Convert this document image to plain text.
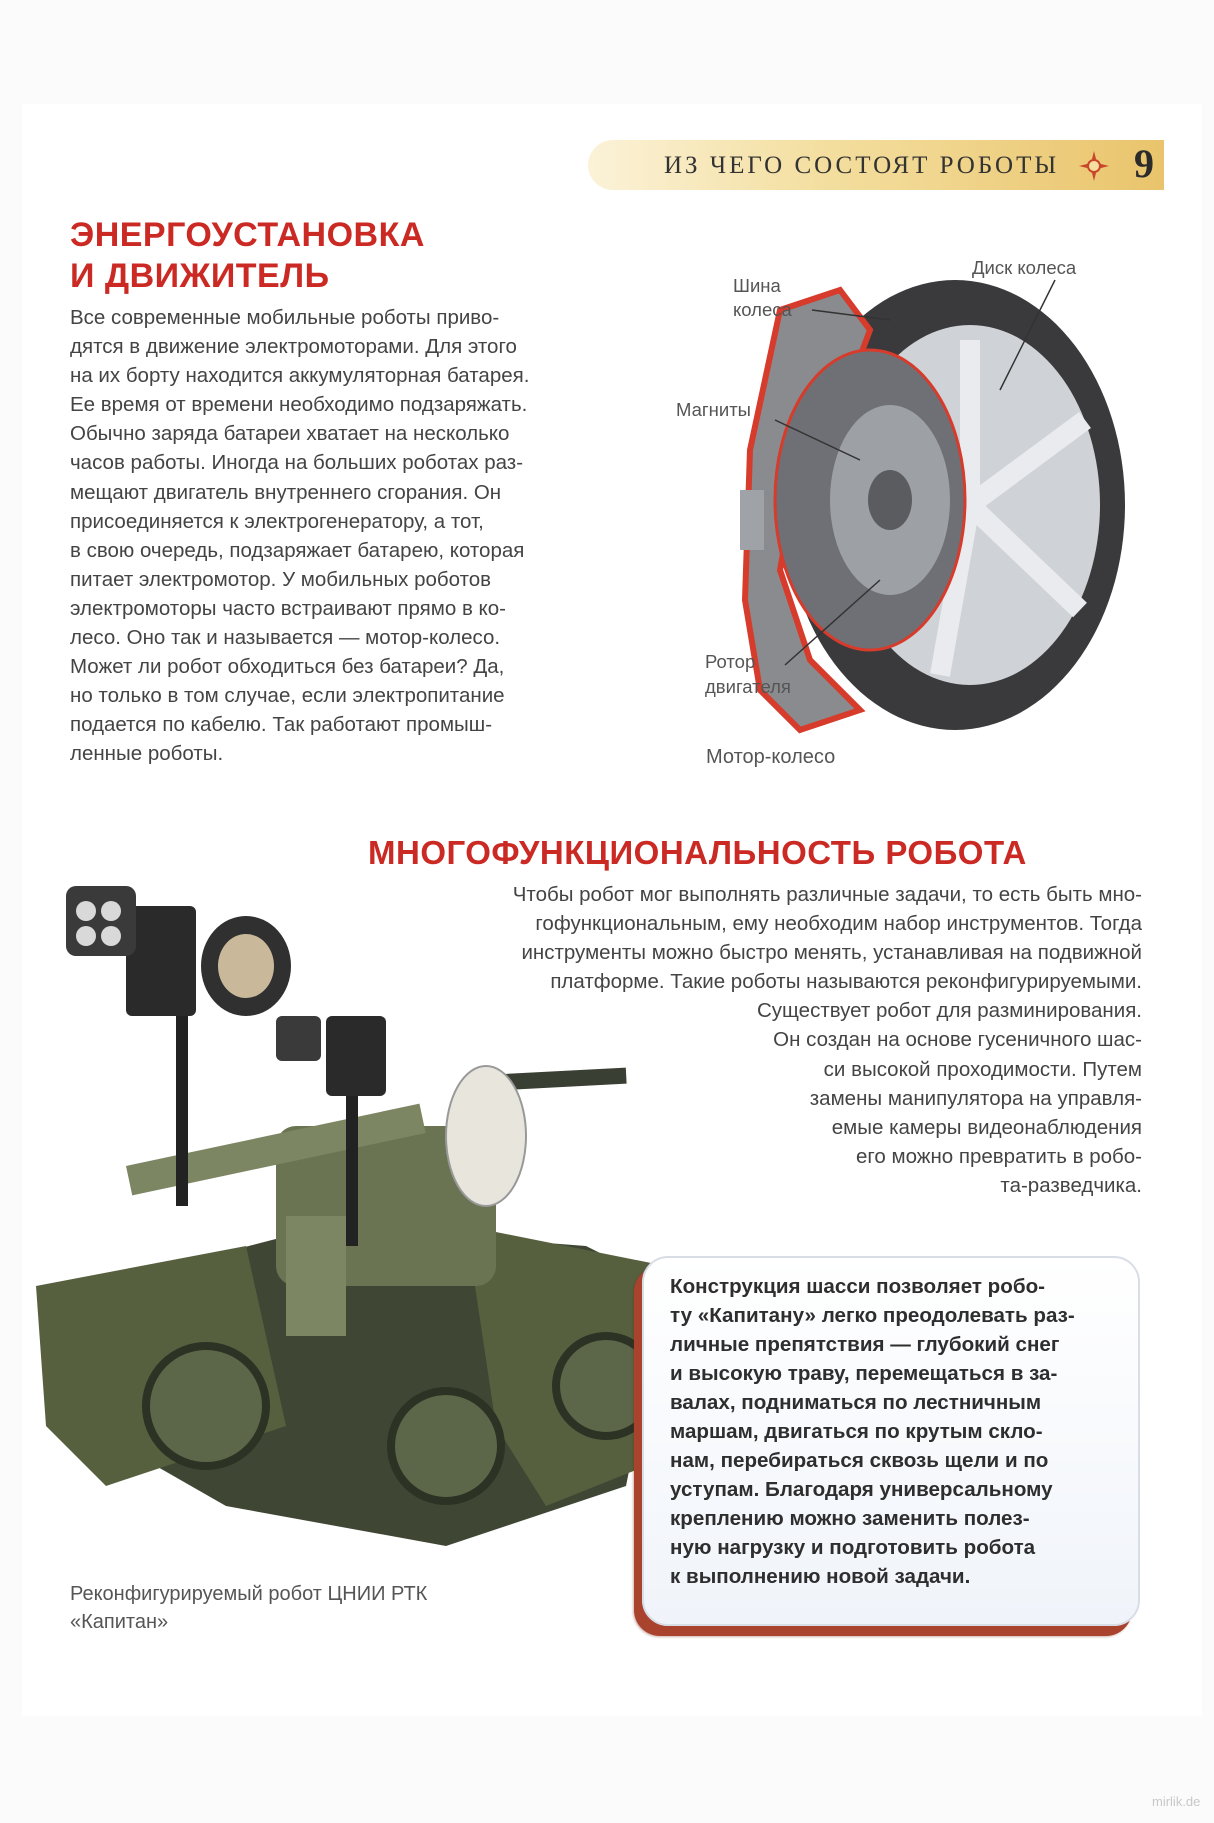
ИЗ ЧЕГО СОСТОЯТ РОБОТЫ 9
ЭНЕРГОУСТАНОВКА
И ДВИЖИТЕЛЬ
Все современные мобильные роботы приво-
дятся в движение электромоторами. Для этого
на их борту находится аккумуляторная батарея.
Ее время от времени необходимо подзаряжать.
Обычно заряда батареи хватает на несколько
часов работы. Иногда на больших роботах раз-
мещают двигатель внутреннего сгорания. Он
присоединяется к электрогенератору, а тот,
в свою очередь, подзаряжает батарею, которая
питает электромотор. У мобильных роботов
электромоторы часто встраивают прямо в ко-
лесо. Оно так и называется — мотор-колесо.
Может ли робот обходиться без батареи? Да,
но только в том случае, если электропитание
подается по кабелю. Так работают промыш-
ленные роботы.
Шина
колеса
Диск колеса
Магниты
Ротор
двигателя
Мотор-колесо
МНОГОФУНКЦИОНАЛЬНОСТЬ РОБОТА
Чтобы робот мог выполнять различные задачи, то есть быть мно-
гофункциональным, ему необходим набор инструментов. Тогда
инструменты можно быстро менять, устанавливая на подвижной
платформе. Такие роботы называются реконфигурируемыми.
Существует робот для разминирования.
Он создан на основе гусеничного шас-
си высокой проходимости. Путем
замены манипулятора на управля-
емые камеры видеонаблюдения
его можно превратить в робо-
та-разведчика.
Реконфигурируемый робот ЦНИИ РТК
«Капитан»
Конструкция шасси позволяет робо-
ту «Капитану» легко преодолевать раз-
личные препятствия — глубокий снег
и высокую траву, перемещаться в за-
валах, подниматься по лестничным
маршам, двигаться по крутым скло-
нам, перебираться сквозь щели и по
уступам. Благодаря универсальному
креплению можно заменить полез-
ную нагрузку и подготовить робота
к выполнению новой задачи.
mirlik.de
